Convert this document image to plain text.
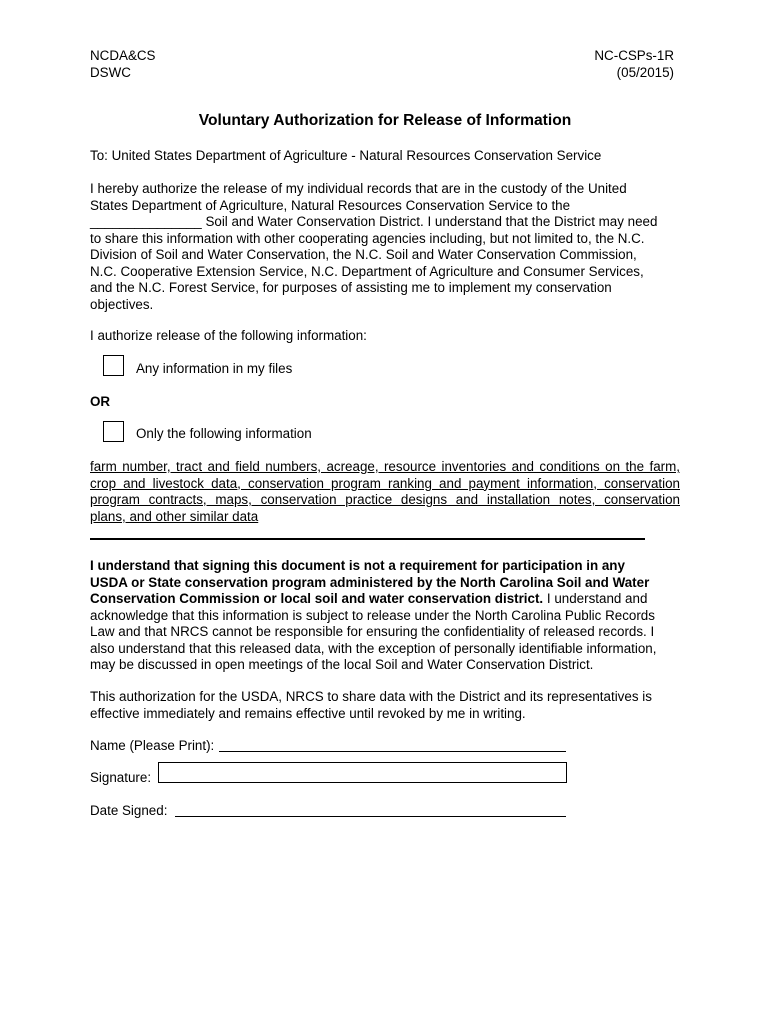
NCDA&CS
DSWC
NC-CSPs-1R
(05/2015)
Voluntary Authorization for Release of Information
To: United States Department of Agriculture - Natural Resources Conservation Service
I hereby authorize the release of my individual records that are in the custody of the United
States Department of Agriculture, Natural Resources Conservation Service to the
_______________ Soil and Water Conservation District. I understand that the District may need
to share this information with other cooperating agencies including, but not limited to, the N.C.
Division of Soil and Water Conservation, the N.C. Soil and Water Conservation Commission,
N.C. Cooperative Extension Service, N.C. Department of Agriculture and Consumer Services,
and the N.C. Forest Service, for purposes of assisting me to implement my conservation
objectives.
I authorize release of the following information:
Any information in my files
OR
Only the following information
farm number, tract and field numbers, acreage, resource inventories and conditions on the farm,
crop and livestock data, conservation program ranking and payment information, conservation
program contracts, maps, conservation practice designs and installation notes, conservation
plans, and other similar data
I understand that signing this document is not a requirement for participation in any
USDA or State conservation program administered by the North Carolina Soil and Water
Conservation Commission or local soil and water conservation district. I understand and
acknowledge that this information is subject to release under the North Carolina Public Records
Law and that NRCS cannot be responsible for ensuring the confidentiality of released records. I
also understand that this released data, with the exception of personally identifiable information,
may be discussed in open meetings of the local Soil and Water Conservation District.
This authorization for the USDA, NRCS to share data with the District and its representatives is
effective immediately and remains effective until revoked by me in writing.
Name (Please Print):
Signature:
Date Signed:
